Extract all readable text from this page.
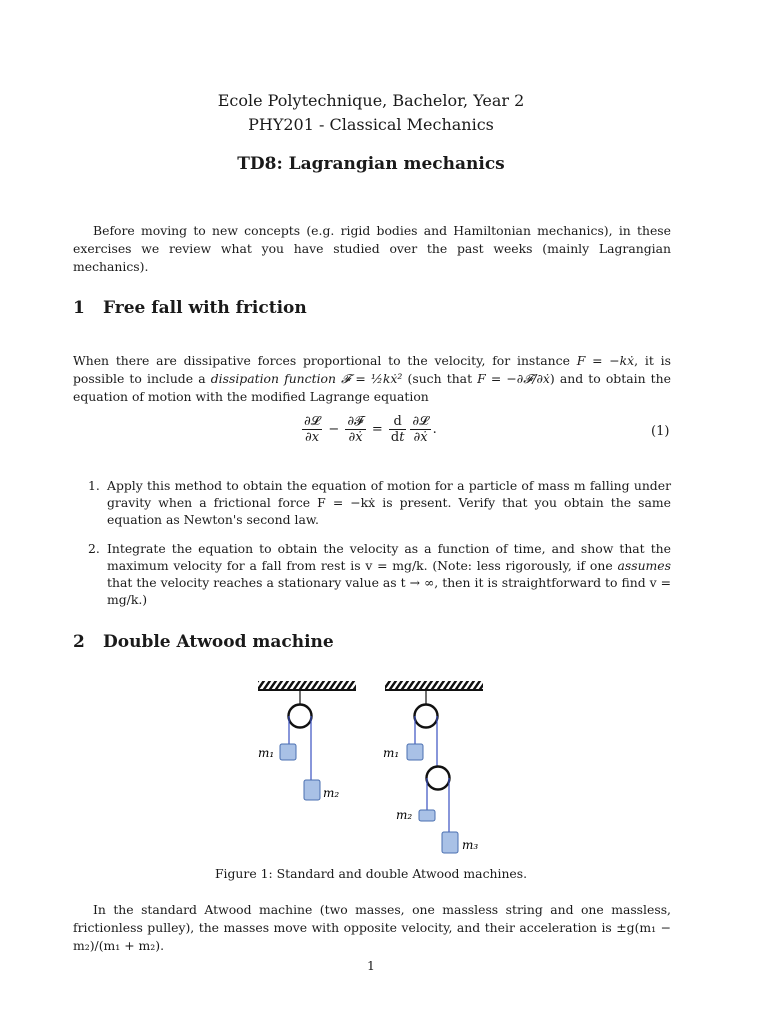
Ecole Polytechnique, Bachelor, Year 2
PHY201 - Classical Mechanics
TD8: Lagrangian mechanics
Before moving to new concepts (e.g. rigid bodies and Hamiltonian mechanics), in these exercises we review what you have studied over the past weeks (mainly Lagrangian mechanics).
1 Free fall with friction
When there are dissipative forces proportional to the velocity, for instance F = −kẋ, it is possible to include a dissipation function 𝓕 = ½kẋ² (such that F = −∂𝓕/∂ẋ) and to obtain the equation of motion with the modified Lagrange equation
$\frac{\text{∂𝓛}}{\partial x} - \frac{\text{∂𝓕}}{\text{∂ẋ}} = \frac{d}{dt} \frac{\text{∂𝓛}}{\text{∂ẋ}}$ .	(1)
1. Apply this method to obtain the equation of motion for a particle of mass m falling under gravity when a frictional force F = −kẋ is present. Verify that you obtain the same equation as Newton's second law.
2. Integrate the equation to obtain the velocity as a function of time, and show that the maximum velocity for a fall from rest is v = mg/k. (Note: less rigorously, if one assumes that the velocity reaches a stationary value as t → ∞, then it is straightforward to find v = mg/k.)
2 Double Atwood machine
m₁
m₂
m₁
m₂
m₃
Figure 1: Standard and double Atwood machines.
In the standard Atwood machine (two masses, one massless string and one massless, frictionless pulley), the masses move with opposite velocity, and their acceleration is ±g(m₁ − m₂)/(m₁ + m₂).
1
